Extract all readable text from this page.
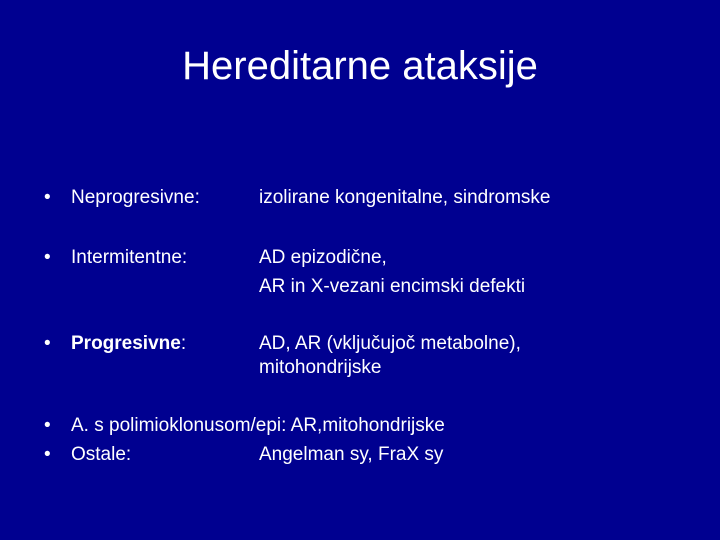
Hereditarne ataksije
•	Neprogresivne:	izolirane kongenitalne, sindromske
•	Intermitentne:	AD epizodične,
AR in X-vezani encimski defekti
•	Progresivne:	AD, AR (vključujoč metabolne),
mitohondrijske
•	A. s polimioklonusom/epi: AR,mitohondrijske
•	Ostale:	Angelman sy, FraX sy
